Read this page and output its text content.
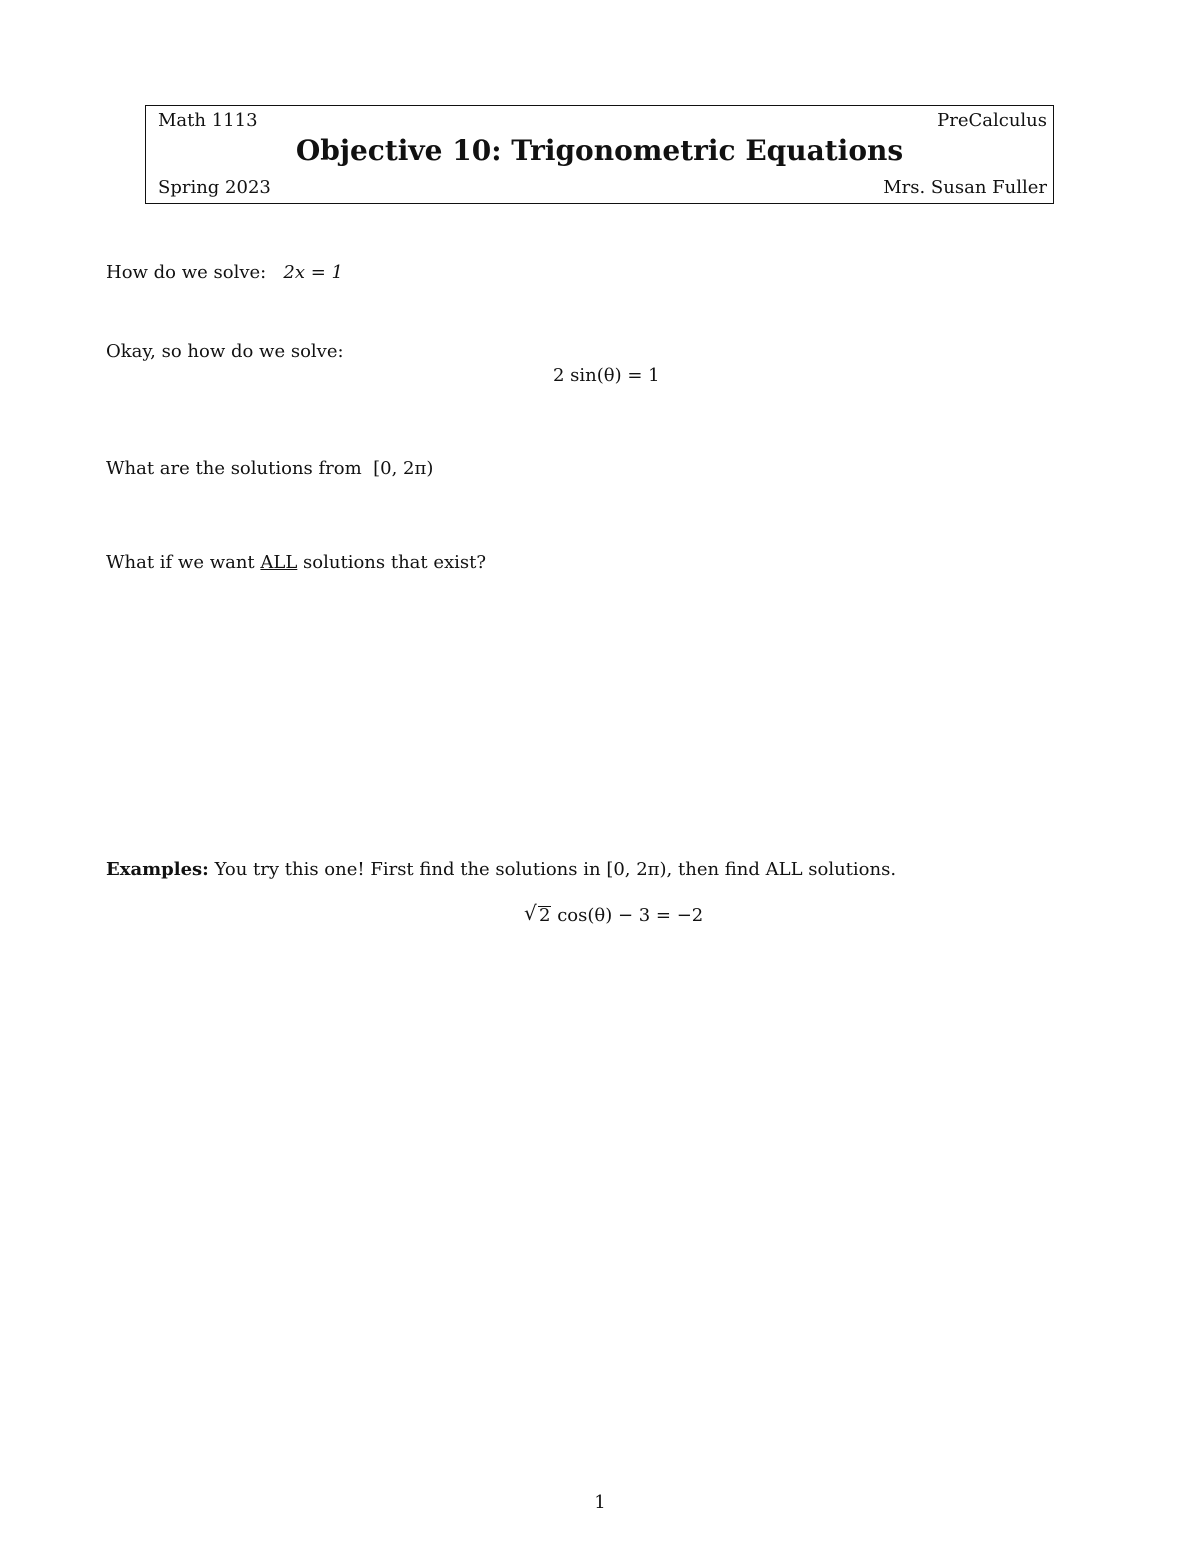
Math 1113	PreCalculus
Objective 10: Trigonometric Equations
Spring 2023	Mrs. Susan Fuller
How do we solve: 2x = 1
Okay, so how do we solve:
2 sin(θ) = 1
What are the solutions from [0, 2π)
What if we want ALL solutions that exist?
Examples: You try this one! First find the solutions in [0, 2π), then find ALL solutions.
√ 2 cos(θ) − 3 = −2
1
